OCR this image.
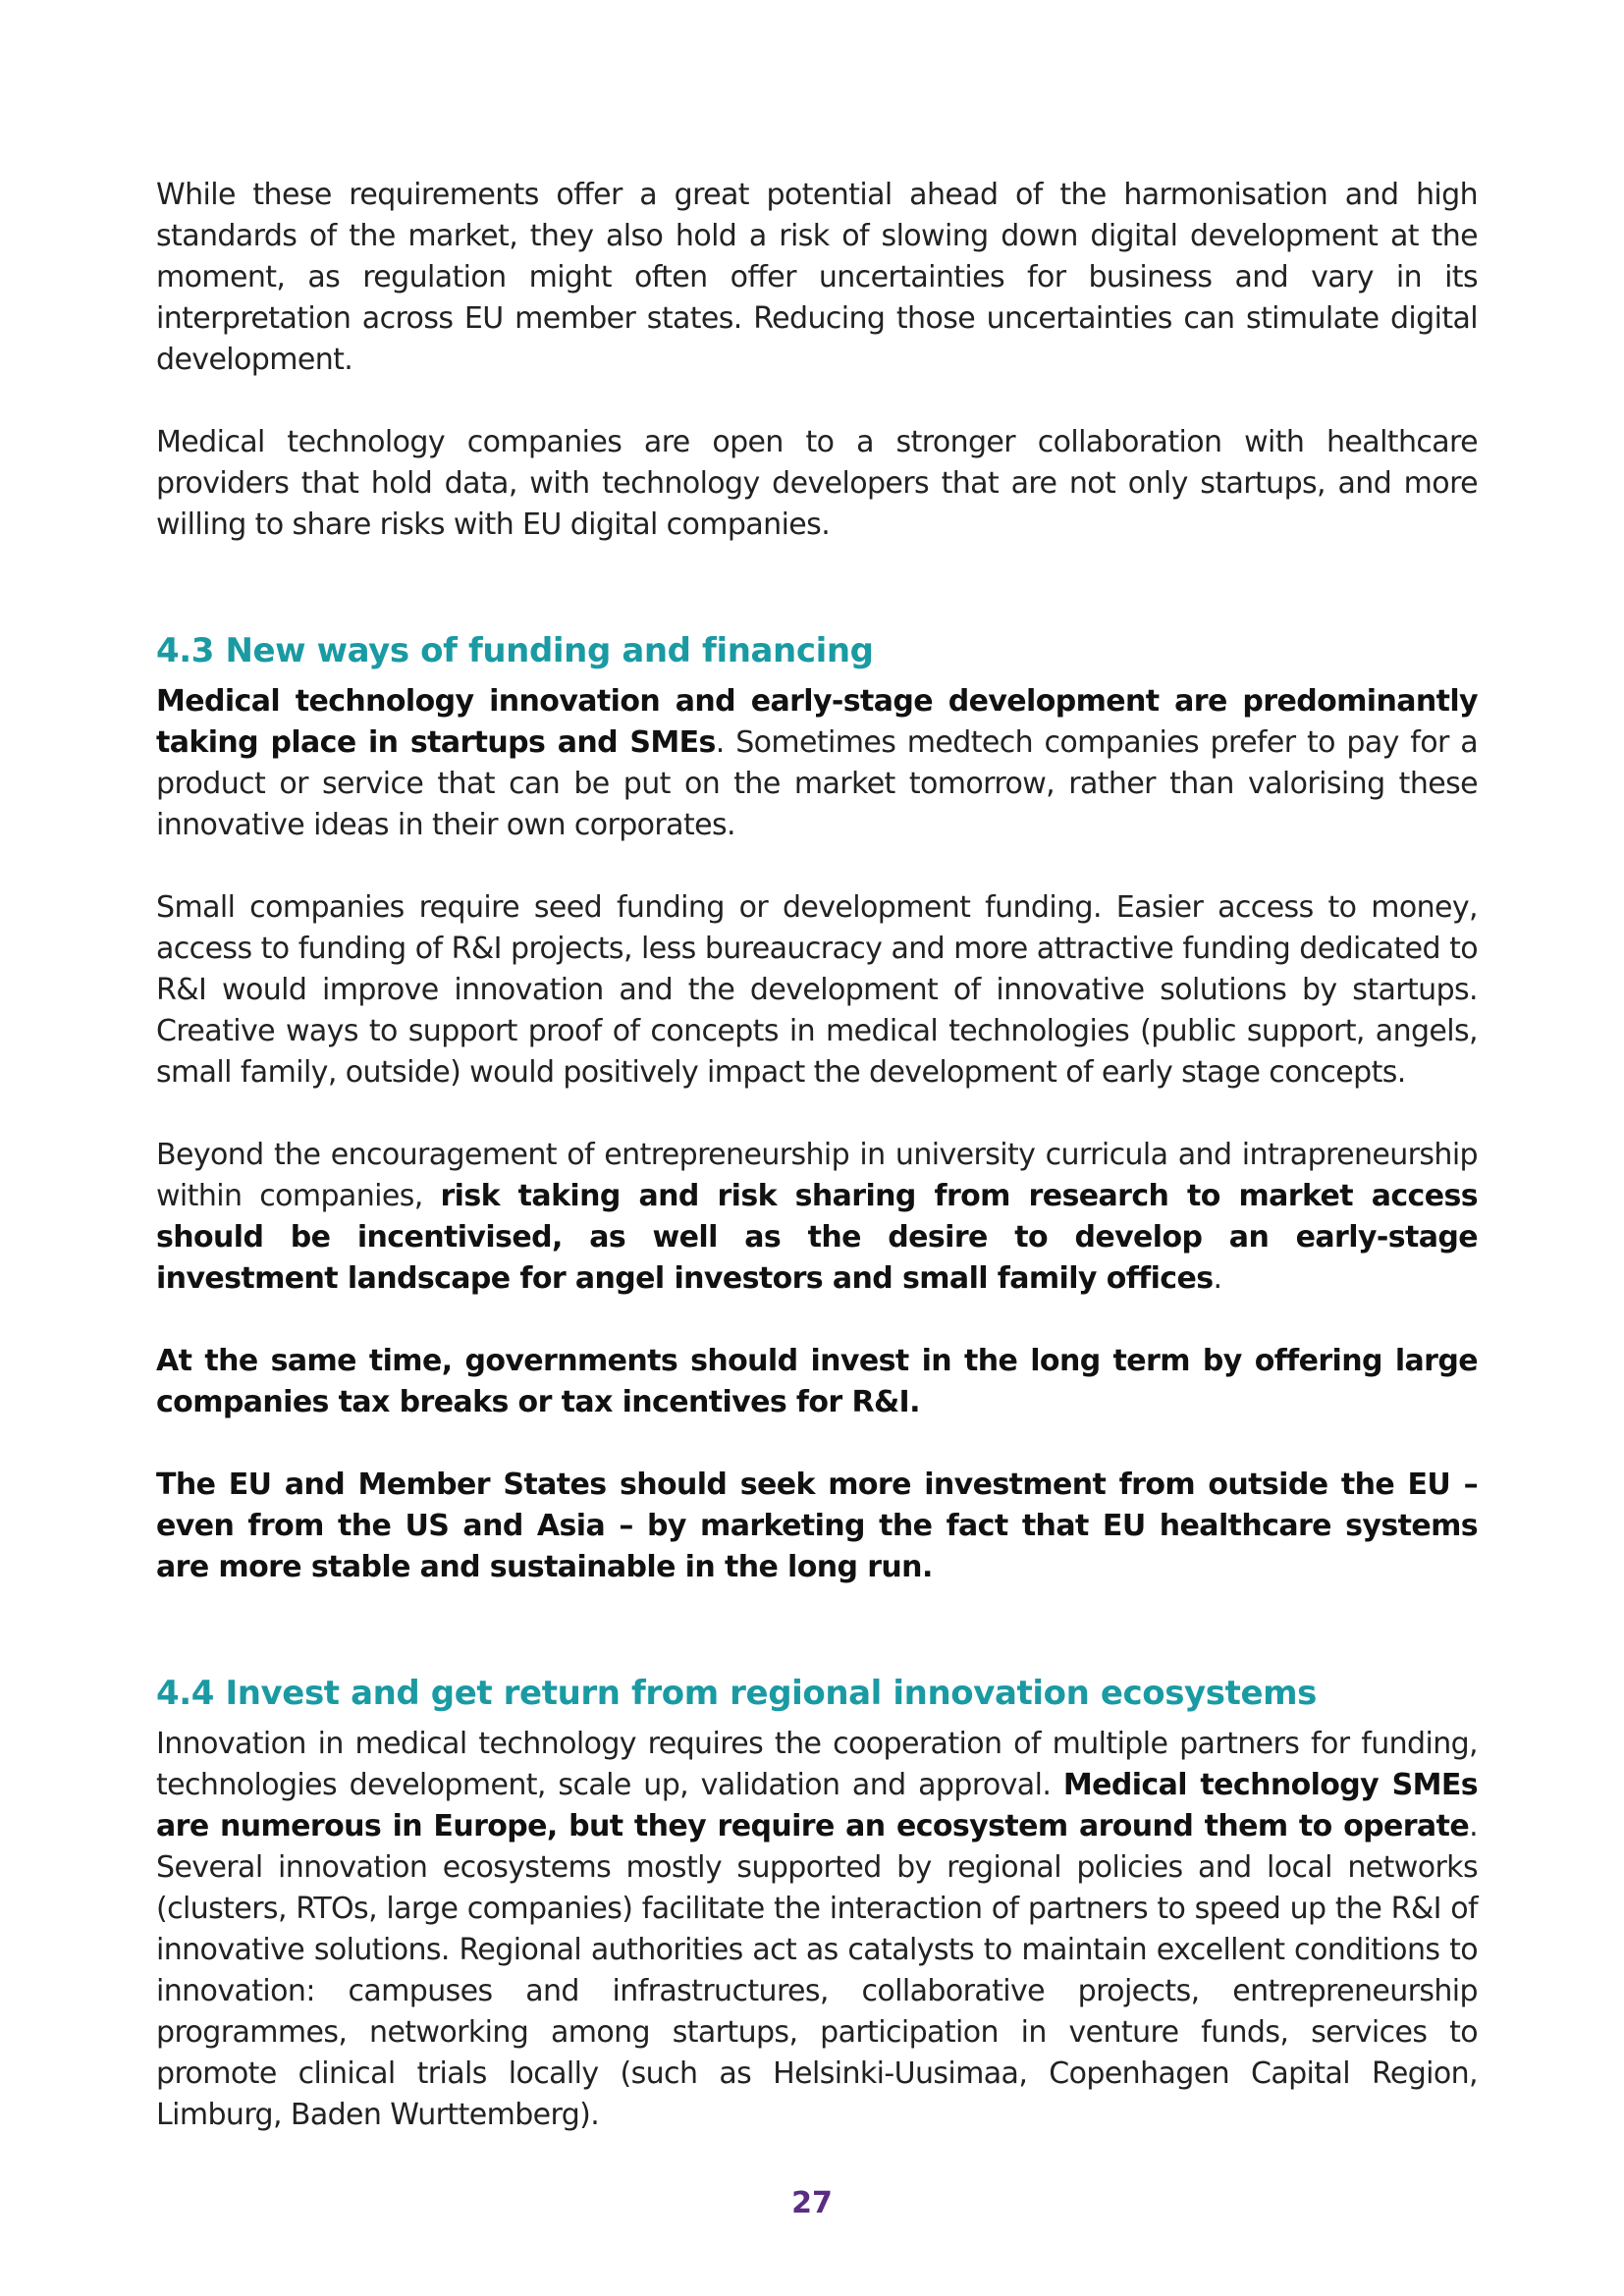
While these requirements offer a great potential ahead of the harmonisation and high standards of the market, they also hold a risk of slowing down digital development at the moment, as regulation might often offer uncertainties for business and vary in its interpretation across EU member states. Reducing those uncertainties can stimulate digital development.

Medical technology companies are open to a stronger collaboration with healthcare providers that hold data, with technology developers that are not only startups, and more willing to share risks with EU digital companies.

4.3 New ways of funding and financing

Medical technology innovation and early-stage development are predominantly taking place in startups and SMEs. Sometimes medtech companies prefer to pay for a product or service that can be put on the market tomorrow, rather than valorising these innovative ideas in their own corporates.

Small companies require seed funding or development funding. Easier access to money, access to funding of R&I projects, less bureaucracy and more attractive funding dedicated to R&I would improve innovation and the development of innovative solutions by startups. Creative ways to support proof of concepts in medical technologies (public support, angels, small family, outside) would positively impact the development of early stage concepts.

Beyond the encouragement of entrepreneurship in university curricula and intrapreneurship within companies, risk taking and risk sharing from research to market access should be incentivised, as well as the desire to develop an early-stage investment landscape for angel investors and small family offices.

At the same time, governments should invest in the long term by offering large companies tax breaks or tax incentives for R&I.

The EU and Member States should seek more investment from outside the EU – even from the US and Asia – by marketing the fact that EU healthcare systems are more stable and sustainable in the long run.

4.4 Invest and get return from regional innovation ecosystems

Innovation in medical technology requires the cooperation of multiple partners for funding, technologies development, scale up, validation and approval. Medical technology SMEs are numerous in Europe, but they require an ecosystem around them to operate. Several innovation ecosystems mostly supported by regional policies and local networks (clusters, RTOs, large companies) facilitate the interaction of partners to speed up the R&I of innovative solutions. Regional authorities act as catalysts to maintain excellent conditions to innovation: campuses and infrastructures, collaborative projects, entrepreneurship programmes, networking among startups, participation in venture funds, services to promote clinical trials locally (such as Helsinki-Uusimaa, Copenhagen Capital Region, Limburg, Baden Wurttemberg).

27
